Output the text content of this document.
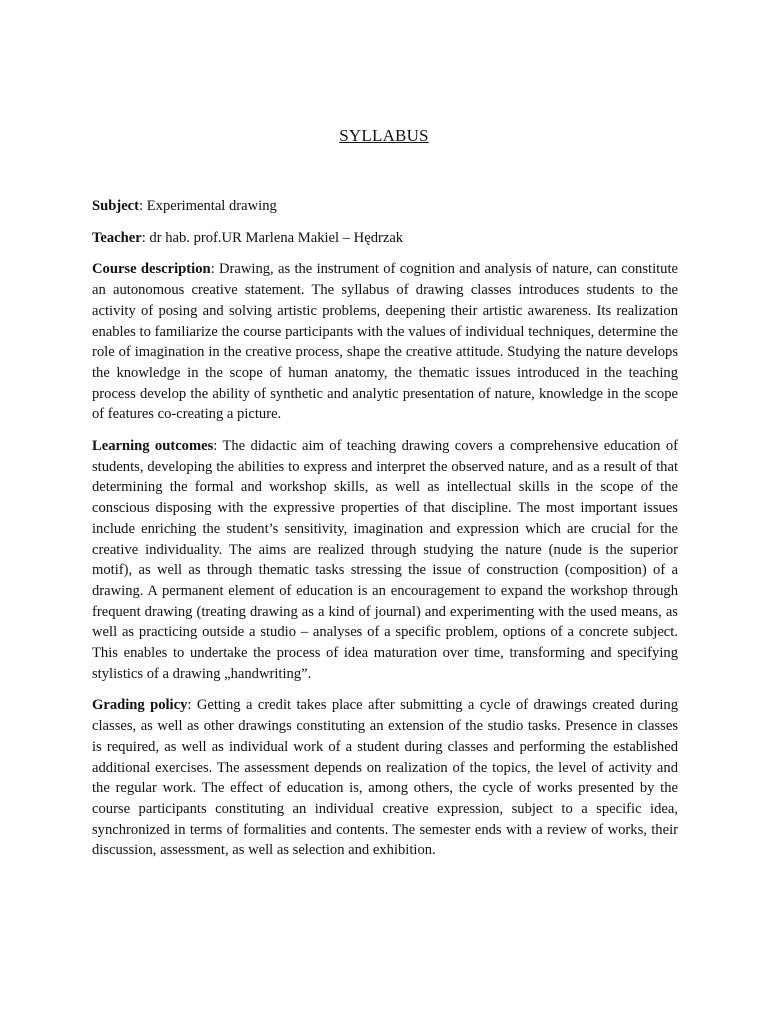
SYLLABUS

Subject: Experimental drawing

Teacher: dr hab. prof.UR Marlena Makiel – Hędrzak

Course description: Drawing, as the instrument of cognition and analysis of nature, can constitute an autonomous creative statement. The syllabus of drawing classes introduces students to the activity of posing and solving artistic problems, deepening their artistic awareness. Its realization enables to familiarize the course participants with the values of individual techniques, determine the role of imagination in the creative process, shape the creative attitude. Studying the nature develops the knowledge in the scope of human anatomy, the thematic issues introduced in the teaching process develop the ability of synthetic and analytic presentation of nature, knowledge in the scope of features co-creating a picture.

Learning outcomes: The didactic aim of teaching drawing covers a comprehensive education of students, developing the abilities to express and interpret the observed nature, and as a result of that determining the formal and workshop skills, as well as intellectual skills in the scope of the conscious disposing with the expressive properties of that discipline. The most important issues include enriching the student’s sensitivity, imagination and expression which are crucial for the creative individuality. The aims are realized through studying the nature (nude is the superior motif), as well as through thematic tasks stressing the issue of construction (composition) of a drawing. A permanent element of education is an encouragement to expand the workshop through frequent drawing (treating drawing as a kind of journal) and experimenting with the used means, as well as practicing outside a studio – analyses of a specific problem, options of a concrete subject. This enables to undertake the process of idea maturation over time, transforming and specifying stylistics of a drawing „handwriting”.

Grading policy: Getting a credit takes place after submitting a cycle of drawings created during classes, as well as other drawings constituting an extension of the studio tasks. Presence in classes is required, as well as individual work of a student during classes and performing the established additional exercises. The assessment depends on realization of the topics, the level of activity and the regular work. The effect of education is, among others, the cycle of works presented by the course participants constituting an individual creative expression, subject to a specific idea, synchronized in terms of formalities and contents. The semester ends with a review of works, their discussion, assessment, as well as selection and exhibition.
